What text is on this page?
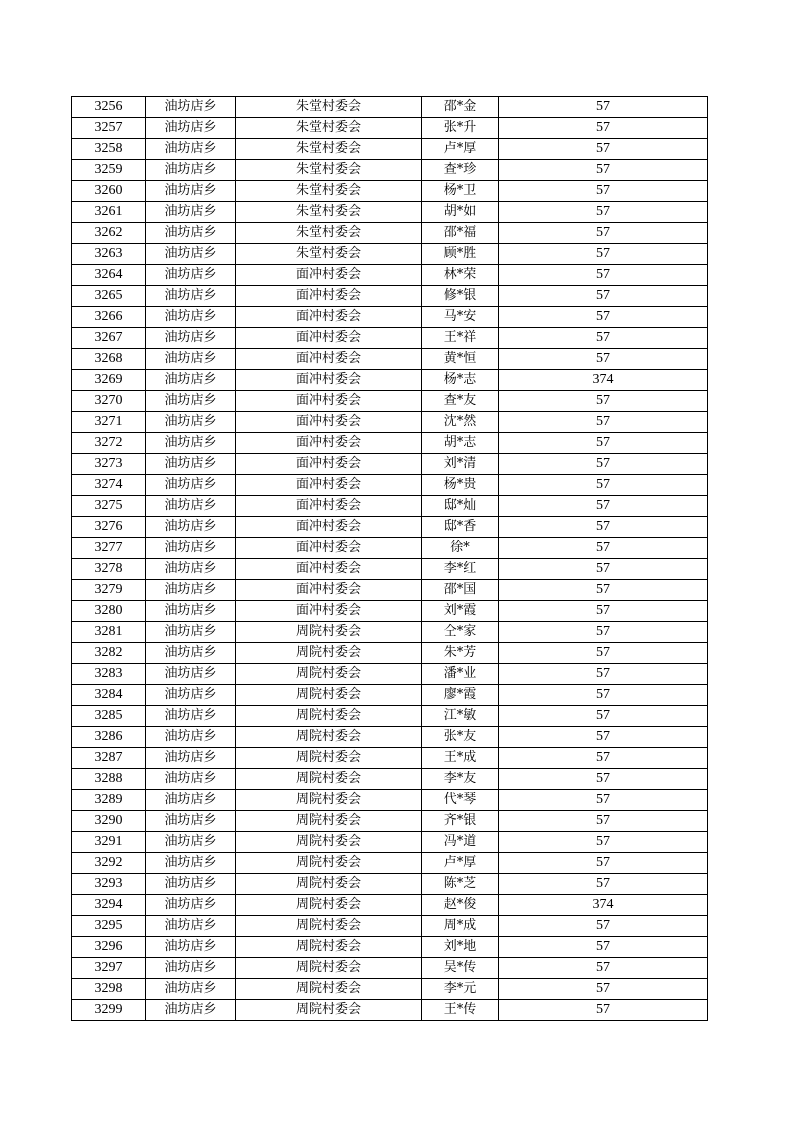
3256	油坊店乡	朱堂村委会	邵*金	57
3257	油坊店乡	朱堂村委会	张*升	57
3258	油坊店乡	朱堂村委会	卢*厚	57
3259	油坊店乡	朱堂村委会	查*珍	57
3260	油坊店乡	朱堂村委会	杨*卫	57
3261	油坊店乡	朱堂村委会	胡*如	57
3262	油坊店乡	朱堂村委会	邵*福	57
3263	油坊店乡	朱堂村委会	顾*胜	57
3264	油坊店乡	面冲村委会	林*荣	57
3265	油坊店乡	面冲村委会	修*银	57
3266	油坊店乡	面冲村委会	马*安	57
3267	油坊店乡	面冲村委会	王*祥	57
3268	油坊店乡	面冲村委会	黄*恒	57
3269	油坊店乡	面冲村委会	杨*志	374
3270	油坊店乡	面冲村委会	查*友	57
3271	油坊店乡	面冲村委会	沈*然	57
3272	油坊店乡	面冲村委会	胡*志	57
3273	油坊店乡	面冲村委会	刘*清	57
3274	油坊店乡	面冲村委会	杨*贵	57
3275	油坊店乡	面冲村委会	邸*灿	57
3276	油坊店乡	面冲村委会	邸*香	57
3277	油坊店乡	面冲村委会	徐*	57
3278	油坊店乡	面冲村委会	李*红	57
3279	油坊店乡	面冲村委会	邵*国	57
3280	油坊店乡	面冲村委会	刘*霞	57
3281	油坊店乡	周院村委会	仝*家	57
3282	油坊店乡	周院村委会	朱*芳	57
3283	油坊店乡	周院村委会	潘*业	57
3284	油坊店乡	周院村委会	廖*霞	57
3285	油坊店乡	周院村委会	江*敏	57
3286	油坊店乡	周院村委会	张*友	57
3287	油坊店乡	周院村委会	王*成	57
3288	油坊店乡	周院村委会	李*友	57
3289	油坊店乡	周院村委会	代*琴	57
3290	油坊店乡	周院村委会	齐*银	57
3291	油坊店乡	周院村委会	冯*道	57
3292	油坊店乡	周院村委会	卢*厚	57
3293	油坊店乡	周院村委会	陈*芝	57
3294	油坊店乡	周院村委会	赵*俊	374
3295	油坊店乡	周院村委会	周*成	57
3296	油坊店乡	周院村委会	刘*地	57
3297	油坊店乡	周院村委会	吴*传	57
3298	油坊店乡	周院村委会	李*元	57
3299	油坊店乡	周院村委会	王*传	57
